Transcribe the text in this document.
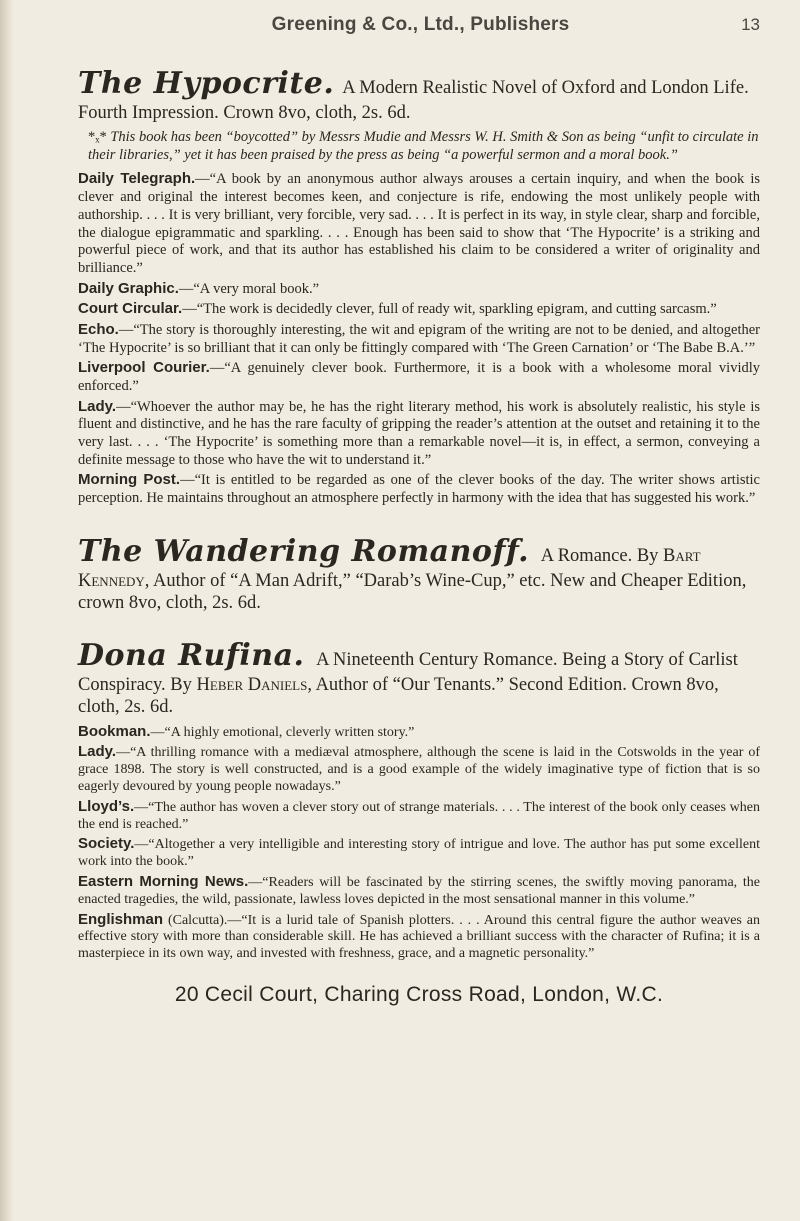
Greening & Co., Ltd., Publishers	13
The Hypocrite. A Modern Realistic Novel of Oxford and London Life. Fourth Impression. Crown 8vo, cloth, 2s. 6d.
*ₓ* This book has been “boycotted” by Messrs Mudie and Messrs W. H. Smith & Son as being “unfit to circulate in their libraries,” yet it has been praised by the press as being “a powerful sermon and a moral book.”

Daily Telegraph.—“A book by an anonymous author always arouses a certain inquiry, and when the book is clever and original the interest becomes keen, and conjecture is rife, endowing the most unlikely people with authorship. . . . It is very brilliant, very forcible, very sad. . . . It is perfect in its way, in style clear, sharp and forcible, the dialogue epigrammatic and sparkling. . . . Enough has been said to show that ‘The Hypocrite’ is a striking and powerful piece of work, and that its author has established his claim to be considered a writer of originality and brilliance.”

Daily Graphic.—“A very moral book.”

Court Circular.—“The work is decidedly clever, full of ready wit, sparkling epigram, and cutting sarcasm.”

Echo.—“The story is thoroughly interesting, the wit and epigram of the writing are not to be denied, and altogether ‘The Hypocrite’ is so brilliant that it can only be fittingly compared with ‘The Green Carnation’ or ‘The Babe B.A.’”

Liverpool Courier.—“A genuinely clever book. Furthermore, it is a book with a wholesome moral vividly enforced.”

Lady.—“Whoever the author may be, he has the right literary method, his work is absolutely realistic, his style is fluent and distinctive, and he has the rare faculty of gripping the reader’s attention at the outset and retaining it to the very last. . . . ‘The Hypocrite’ is something more than a remarkable novel—it is, in effect, a sermon, conveying a definite message to those who have the wit to understand it.”

Morning Post.—“It is entitled to be regarded as one of the clever books of the day. The writer shows artistic perception. He maintains throughout an atmosphere perfectly in harmony with the idea that has suggested his work.”

The Wandering Romanoff. A Romance. By Bart Kennedy, Author of “A Man Adrift,” “Darab’s Wine-Cup,” etc. New and Cheaper Edition, crown 8vo, cloth, 2s. 6d.
Dona Rufina. A Nineteenth Century Romance. Being a Story of Carlist Conspiracy. By Heber Daniels, Author of “Our Tenants.” Second Edition. Crown 8vo, cloth, 2s. 6d.

Bookman.—“A highly emotional, cleverly written story.”

Lady.—“A thrilling romance with a mediæval atmosphere, although the scene is laid in the Cotswolds in the year of grace 1898. The story is well constructed, and is a good example of the widely imaginative type of fiction that is so eagerly devoured by young people nowadays.”

Lloyd’s.—“The author has woven a clever story out of strange materials. . . . The interest of the book only ceases when the end is reached.”

Society.—“Altogether a very intelligible and interesting story of intrigue and love. The author has put some excellent work into the book.”

Eastern Morning News.—“Readers will be fascinated by the stirring scenes, the swiftly moving panorama, the enacted tragedies, the wild, passionate, lawless loves depicted in the most sensational manner in this volume.”

Englishman (Calcutta).—“It is a lurid tale of Spanish plotters. . . . Around this central figure the author weaves an effective story with more than considerable skill. He has achieved a brilliant success with the character of Rufina; it is a masterpiece in its own way, and invested with freshness, grace, and a magnetic personality.”

20 Cecil Court, Charing Cross Road, London, W.C.
